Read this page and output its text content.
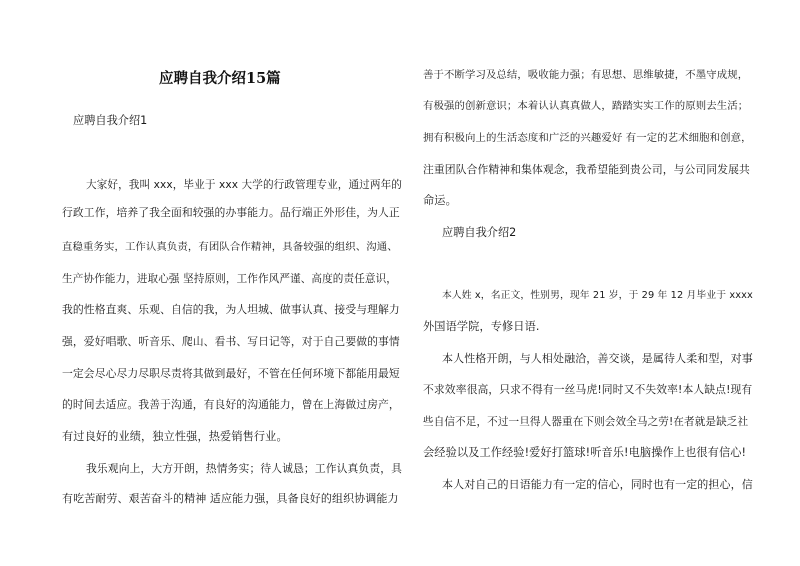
应聘自我介绍15篇
应聘自我介绍1
大家好，我叫 xxx，毕业于 xxx 大学的行政管理专业，通过两年的
行政工作，培养了我全面和较强的办事能力。品行端正外形佳，为人正
直稳重务实，工作认真负责，有团队合作精神，具备较强的组织、沟通、
生产协作能力，进取心强 坚持原则，工作作风严谨、高度的责任意识，
我的性格直爽、乐观、自信的我，为人坦城、做事认真、接受与理解力
强，爱好唱歌、听音乐、爬山、看书、写日记等，对于自己要做的事情
一定会尽心尽力尽职尽责将其做到最好，不管在任何环境下都能用最短
的时间去适应。我善于沟通，有良好的沟通能力，曾在上海做过房产，
有过良好的业绩，独立性强，热爱销售行业。
我乐观向上，大方开朗，热情务实；待人诚恳；工作认真负责，具
有吃苦耐劳、艰苦奋斗的精神 适应能力强，具备良好的组织协调能力
善于不断学习及总结，吸收能力强；有思想、思维敏捷，不墨守成规，
有极强的创新意识；本着认认真真做人，踏踏实实工作的原则去生活；
拥有积极向上的生活态度和广泛的兴趣爱好 有一定的艺术细胞和创意，
注重团队合作精神和集体观念，我希望能到贵公司，与公司同发展共
命运。
应聘自我介绍2
本人姓 x，名正文，性别男，现年 21 岁，于 29 年 12 月毕业于 xxxx
外国语学院，专修日语.
本人性格开朗，与人相处融洽，善交谈，是属待人柔和型，对事
不求效率很高，只求不得有一丝马虎!同时又不失效率!本人缺点!现有
些自信不足，不过一旦得人器重在下则会效全马之劳!在者就是缺乏社
会经验以及工作经验!爱好打篮球!听音乐!电脑操作上也很有信心!
本人对自己的日语能力有一定的信心，同时也有一定的担心，信
